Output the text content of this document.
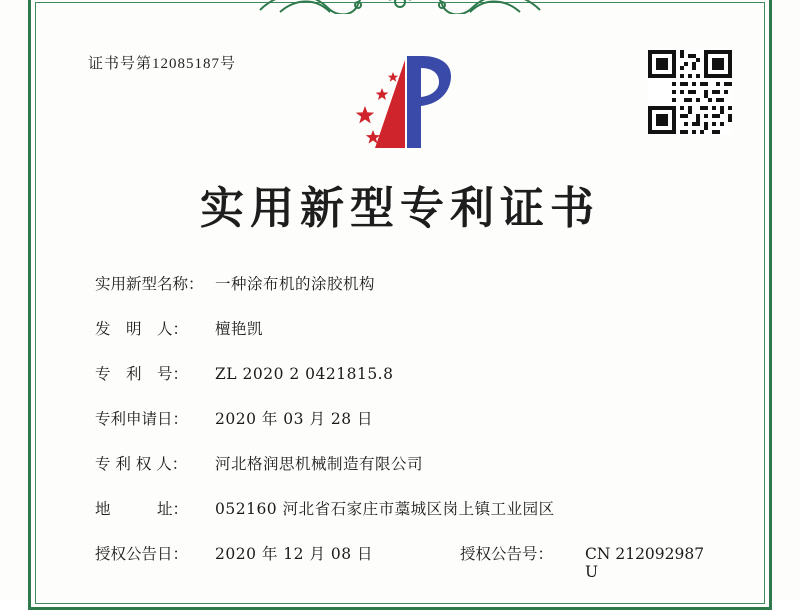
证书号第12085187号
实用新型专利证书
实用新型名称： 一种涂布机的涂胶机构
发　明　人：	檀艳凯
专　利　号：	ZL 2020 2 0421815.8
专利申请日：	2020 年 03 月 28 日
专 利 权 人：	河北格润思机械制造有限公司
地　　　址：	052160 河北省石家庄市藁城区岗上镇工业园区
授权公告日：	2020 年 12 月 08 日	授权公告号：	CN 212092987 U
